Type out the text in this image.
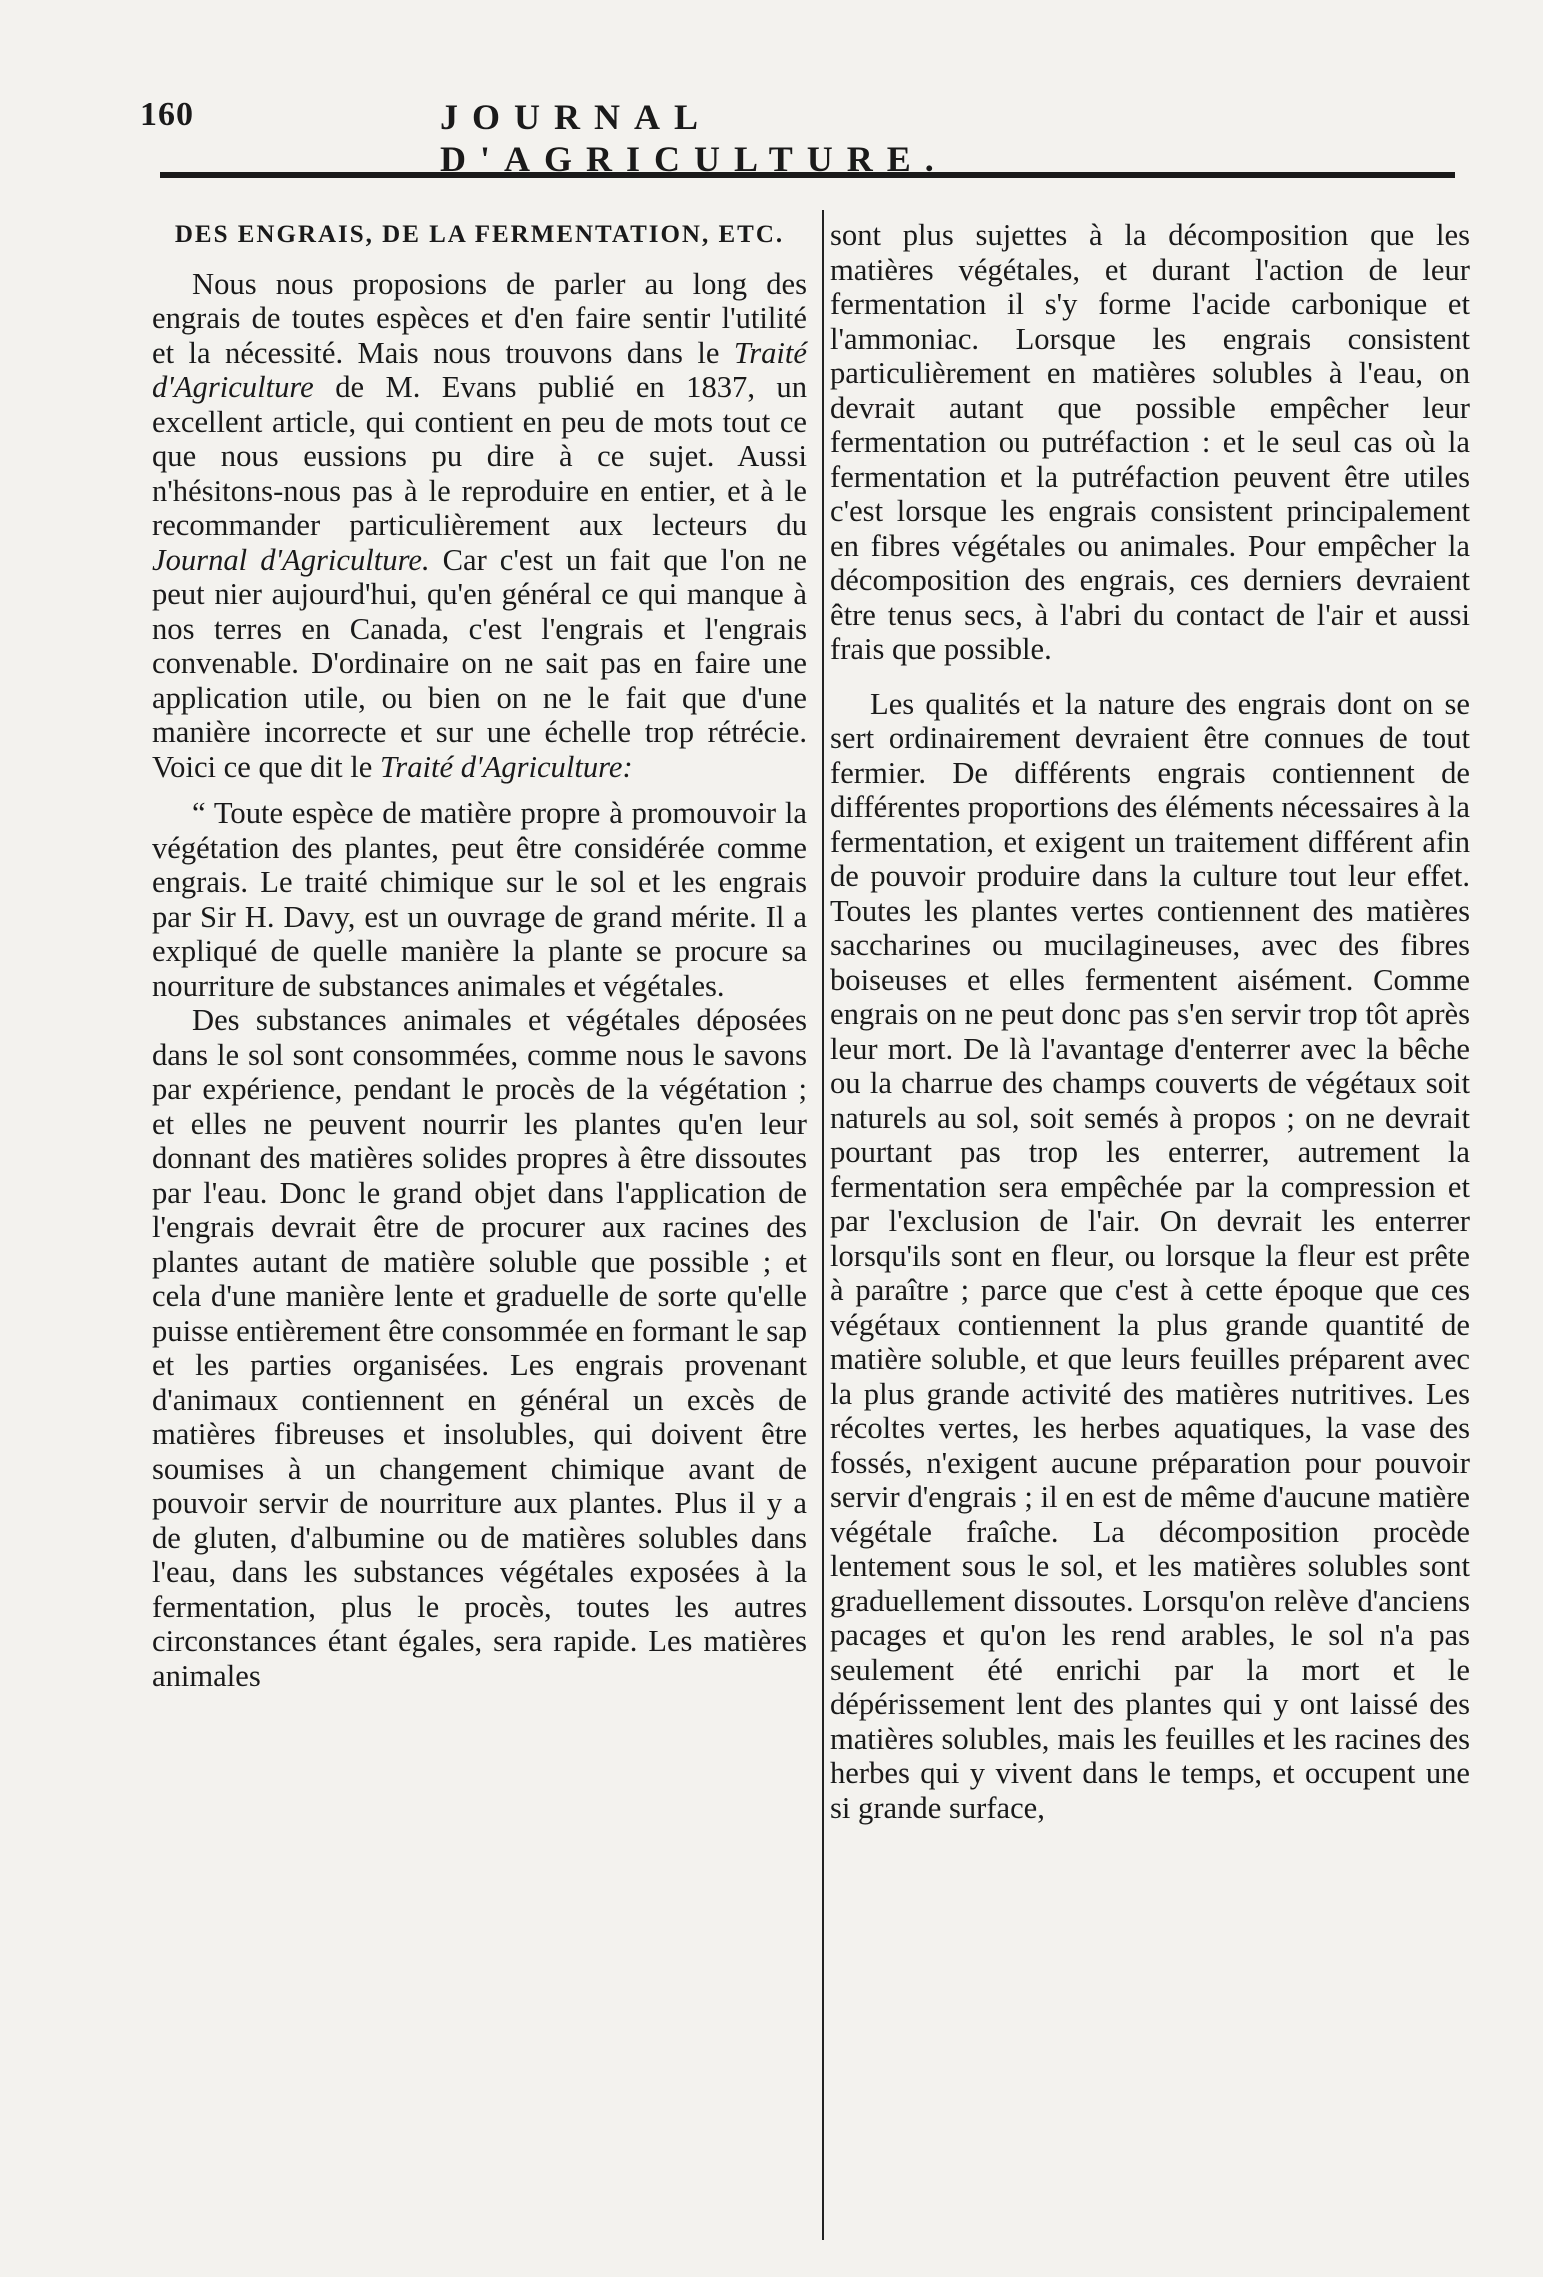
160	JOURNAL D'AGRICULTURE.
DES ENGRAIS, DE LA FERMENTATION, ETC.

Nous nous proposions de parler au long des engrais de toutes espèces et d'en faire sentir l'utilité et la nécessité. Mais nous trouvons dans le Traité d'Agriculture de M. Evans publié en 1837, un excellent article, qui contient en peu de mots tout ce que nous eussions pu dire à ce sujet. Aussi n'hésitons-nous pas à le reproduire en entier, et à le recommander particulièrement aux lecteurs du Journal d'Agriculture. Car c'est un fait que l'on ne peut nier aujourd'hui, qu'en général ce qui manque à nos terres en Canada, c'est l'engrais et l'engrais convenable. D'ordinaire on ne sait pas en faire une application utile, ou bien on ne le fait que d'une manière incorrecte et sur une échelle trop rétrécie. Voici ce que dit le Traité d'Agriculture:

“ Toute espèce de matière propre à promouvoir la végétation des plantes, peut être considérée comme engrais. Le traité chimique sur le sol et les engrais par Sir H. Davy, est un ouvrage de grand mérite. Il a expliqué de quelle manière la plante se procure sa nourriture de substances animales et végétales.

Des substances animales et végétales déposées dans le sol sont consommées, comme nous le savons par expérience, pendant le procès de la végétation ; et elles ne peuvent nourrir les plantes qu'en leur donnant des matières solides propres à être dissoutes par l'eau. Donc le grand objet dans l'application de l'engrais devrait être de procurer aux racines des plantes autant de matière soluble que possible ; et cela d'une manière lente et graduelle de sorte qu'elle puisse entièrement être consommée en formant le sap et les parties organisées. Les engrais provenant d'animaux contiennent en général un excès de matières fibreuses et insolubles, qui doivent être soumises à un changement chimique avant de pouvoir servir de nourriture aux plantes. Plus il y a de gluten, d'albumine ou de matières solubles dans l'eau, dans les substances végétales exposées à la fermentation, plus le procès, toutes les autres circonstances étant égales, sera rapide. Les matières animales

sont plus sujettes à la décomposition que les matières végétales, et durant l'action de leur fermentation il s'y forme l'acide carbonique et l'ammoniac. Lorsque les engrais consistent particulièrement en matières solubles à l'eau, on devrait autant que possible empêcher leur fermentation ou putréfaction : et le seul cas où la fermentation et la putréfaction peuvent être utiles c'est lorsque les engrais consistent principalement en fibres végétales ou animales. Pour empêcher la décomposition des engrais, ces derniers devraient être tenus secs, à l'abri du contact de l'air et aussi frais que possible.

Les qualités et la nature des engrais dont on se sert ordinairement devraient être connues de tout fermier. De différents engrais contiennent de différentes proportions des éléments nécessaires à la fermentation, et exigent un traitement différent afin de pouvoir produire dans la culture tout leur effet. Toutes les plantes vertes contiennent des matières saccharines ou mucilagineuses, avec des fibres boiseuses et elles fermentent aisément. Comme engrais on ne peut donc pas s'en servir trop tôt après leur mort. De là l'avantage d'enterrer avec la bêche ou la charrue des champs couverts de végétaux soit naturels au sol, soit semés à propos ; on ne devrait pourtant pas trop les enterrer, autrement la fermentation sera empêchée par la compression et par l'exclusion de l'air. On devrait les enterrer lorsqu'ils sont en fleur, ou lorsque la fleur est prête à paraître ; parce que c'est à cette époque que ces végétaux contiennent la plus grande quantité de matière soluble, et que leurs feuilles préparent avec la plus grande activité des matières nutritives. Les récoltes vertes, les herbes aquatiques, la vase des fossés, n'exigent aucune préparation pour pouvoir servir d'engrais ; il en est de même d'aucune matière végétale fraîche. La décomposition procède lentement sous le sol, et les matières solubles sont graduellement dissoutes. Lorsqu'on relève d'anciens pacages et qu'on les rend arables, le sol n'a pas seulement été enrichi par la mort et le dépérissement lent des plantes qui y ont laissé des matières solubles, mais les feuilles et les racines des herbes qui y vivent dans le temps, et occupent une si grande surface,
